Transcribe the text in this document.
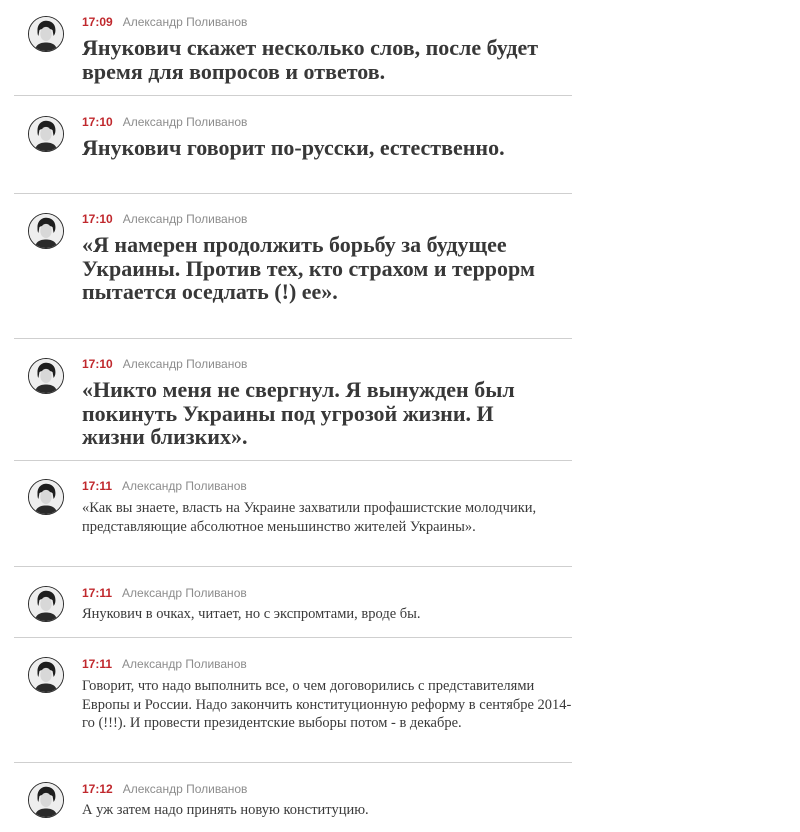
17:09 Александр Поливанов

Янукович скажет несколько слов, после будет время для вопросов и ответов.

17:10 Александр Поливанов

Янукович говорит по-русски, естественно.

17:10 Александр Поливанов

«Я намерен продолжить борьбу за будущее Украины. Против тех, кто страхом и террорм пытается оседлать (!) ее».

17:10 Александр Поливанов

«Никто меня не свергнул. Я вынужден был покинуть Украины под угрозой жизни. И жизни близких».

17:11 Александр Поливанов

«Как вы знаете, власть на Украине захватили профашистские молодчики, представляющие абсолютное меньшинство жителей Украины».

17:11 Александр Поливанов

Янукович в очках, читает, но с экспромтами, вроде бы.

17:11 Александр Поливанов

Говорит, что надо выполнить все, о чем договорились с представителями Европы и России. Надо закончить конституционную реформу в сентябре 2014-го (!!!). И провести президентские выборы потом - в декабре.

17:12 Александр Поливанов

А уж затем надо принять новую конституцию.
